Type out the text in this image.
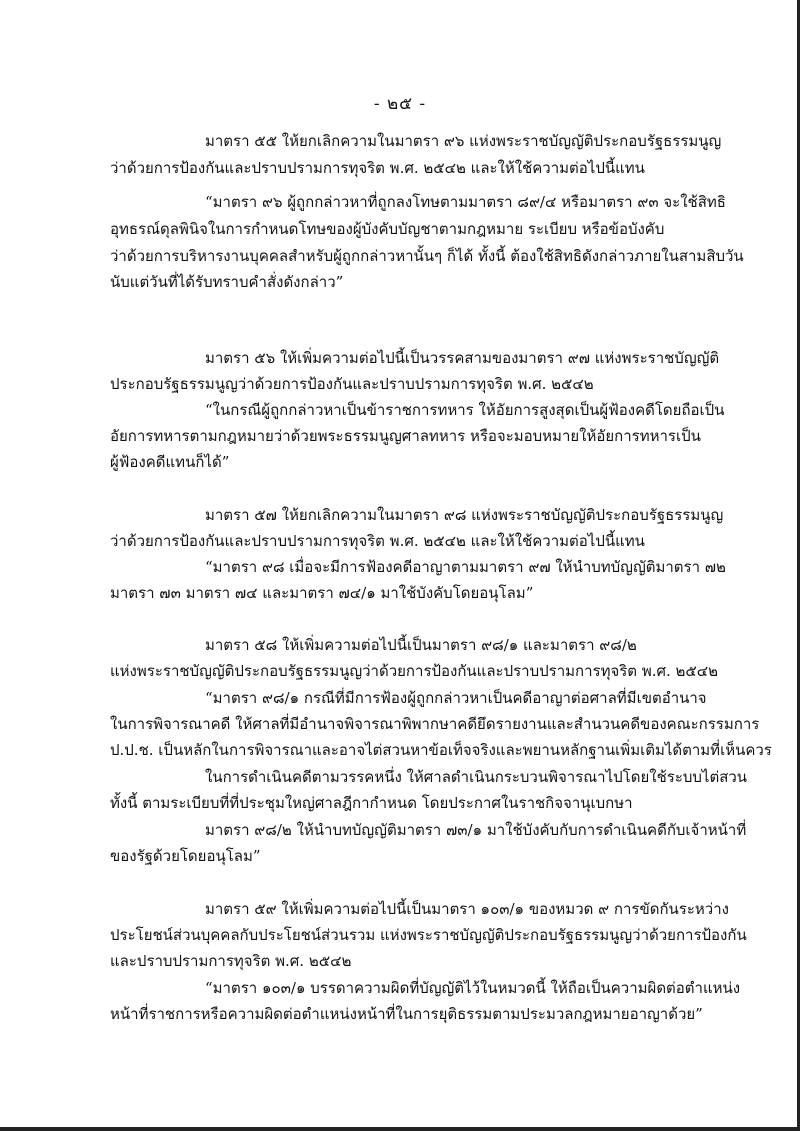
- ๒๕ -
มาตรา ๕๕ ให้ยกเลิกความในมาตรา ๙๖ แห่งพระราชบัญญัติประกอบรัฐธรรมนูญ
ว่าด้วยการป้องกันและปราบปรามการทุจริต พ.ศ. ๒๕๔๒ และให้ใช้ความต่อไปนี้แทน
“มาตรา ๙๖ ผู้ถูกกล่าวหาที่ถูกลงโทษตามมาตรา ๘๙/๔ หรือมาตรา ๙๓ จะใช้สิทธิ
อุทธรณ์ดุลพินิจในการกำหนดโทษของผู้บังคับบัญชาตามกฎหมาย ระเบียบ หรือข้อบังคับ
ว่าด้วยการบริหารงานบุคคลสำหรับผู้ถูกกล่าวหานั้นๆ ก็ได้ ทั้งนี้ ต้องใช้สิทธิดังกล่าวภายในสามสิบวัน
นับแต่วันที่ได้รับทราบคำสั่งดังกล่าว”
มาตรา ๕๖ ให้เพิ่มความต่อไปนี้เป็นวรรคสามของมาตรา ๙๗ แห่งพระราชบัญญัติ
ประกอบรัฐธรรมนูญว่าด้วยการป้องกันและปราบปรามการทุจริต พ.ศ. ๒๕๔๒
“ในกรณีผู้ถูกกล่าวหาเป็นข้าราชการทหาร ให้อัยการสูงสุดเป็นผู้ฟ้องคดีโดยถือเป็น
อัยการทหารตามกฎหมายว่าด้วยพระธรรมนูญศาลทหาร หรือจะมอบหมายให้อัยการทหารเป็น
ผู้ฟ้องคดีแทนก็ได้”
มาตรา ๕๗ ให้ยกเลิกความในมาตรา ๙๘ แห่งพระราชบัญญัติประกอบรัฐธรรมนูญ
ว่าด้วยการป้องกันและปราบปรามการทุจริต พ.ศ. ๒๕๔๒ และให้ใช้ความต่อไปนี้แทน
“มาตรา ๙๘ เมื่อจะมีการฟ้องคดีอาญาตามมาตรา ๙๗ ให้นำบทบัญญัติมาตรา ๗๒
มาตรา ๗๓ มาตรา ๗๔ และมาตรา ๗๔/๑ มาใช้บังคับโดยอนุโลม”
มาตรา ๕๘ ให้เพิ่มความต่อไปนี้เป็นมาตรา ๙๘/๑ และมาตรา ๙๘/๒
แห่งพระราชบัญญัติประกอบรัฐธรรมนูญว่าด้วยการป้องกันและปราบปรามการทุจริต พ.ศ. ๒๕๔๒
“มาตรา ๙๘/๑ กรณีที่มีการฟ้องผู้ถูกกล่าวหาเป็นคดีอาญาต่อศาลที่มีเขตอำนาจ
ในการพิจารณาคดี ให้ศาลที่มีอำนาจพิจารณาพิพากษาคดียึดรายงานและสำนวนคดีของคณะกรรมการ
ป.ป.ช. เป็นหลักในการพิจารณาและอาจไต่สวนหาข้อเท็จจริงและพยานหลักฐานเพิ่มเติมได้ตามที่เห็นควร
ในการดำเนินคดีตามวรรคหนึ่ง ให้ศาลดำเนินกระบวนพิจารณาไปโดยใช้ระบบไต่สวน
ทั้งนี้ ตามระเบียบที่ที่ประชุมใหญ่ศาลฎีกากำหนด โดยประกาศในราชกิจจานุเบกษา
มาตรา ๙๘/๒ ให้นำบทบัญญัติมาตรา ๗๓/๑ มาใช้บังคับกับการดำเนินคดีกับเจ้าหน้าที่
ของรัฐด้วยโดยอนุโลม”
มาตรา ๕๙ ให้เพิ่มความต่อไปนี้เป็นมาตรา ๑๐๓/๑ ของหมวด ๙ การขัดกันระหว่าง
ประโยชน์ส่วนบุคคลกับประโยชน์ส่วนรวม แห่งพระราชบัญญัติประกอบรัฐธรรมนูญว่าด้วยการป้องกัน
และปราบปรามการทุจริต พ.ศ. ๒๕๔๒
“มาตรา ๑๐๓/๑ บรรดาความผิดที่บัญญัติไว้ในหมวดนี้ ให้ถือเป็นความผิดต่อตำแหน่ง
หน้าที่ราชการหรือความผิดต่อตำแหน่งหน้าที่ในการยุติธรรมตามประมวลกฎหมายอาญาด้วย”
